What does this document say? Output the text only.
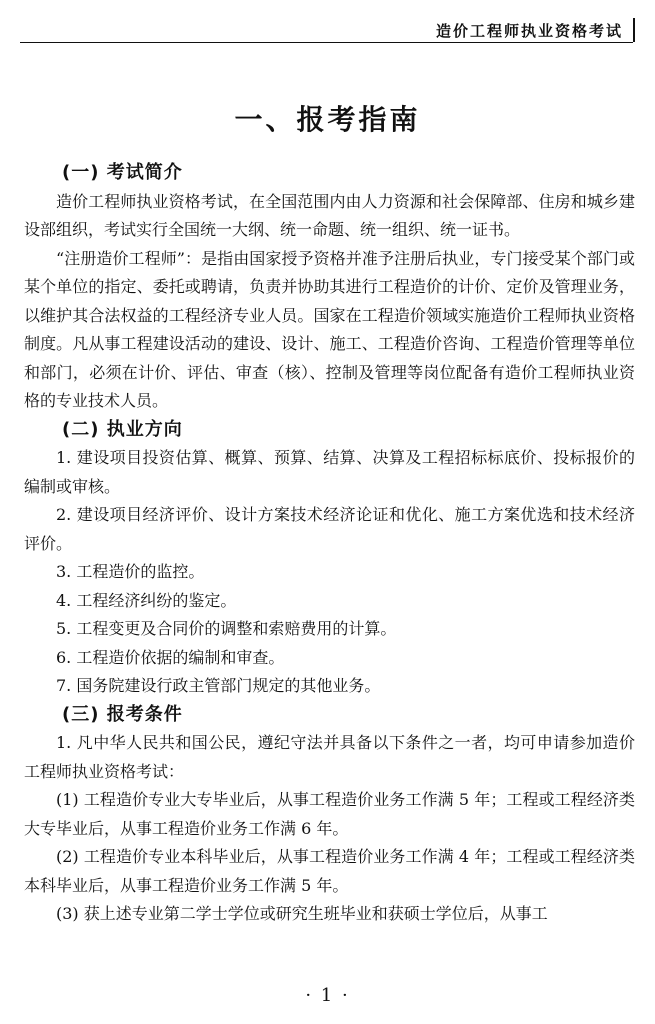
造价工程师执业资格考试
一、报考指南

(一) 考试简介

造价工程师执业资格考试，在全国范围内由人力资源和社会保障部、住房和城乡建设部组织，考试实行全国统一大纲、统一命题、统一组织、统一证书。

“注册造价工程师”：是指由国家授予资格并准予注册后执业，专门接受某个部门或某个单位的指定、委托或聘请，负责并协助其进行工程造价的计价、定价及管理业务，以维护其合法权益的工程经济专业人员。国家在工程造价领域实施造价工程师执业资格制度。凡从事工程建设活动的建设、设计、施工、工程造价咨询、工程造价管理等单位和部门，必须在计价、评估、审查（核）、控制及管理等岗位配备有造价工程师执业资格的专业技术人员。

(二) 执业方向

1. 建设项目投资估算、概算、预算、结算、决算及工程招标标底价、投标报价的编制或审核。

2. 建设项目经济评价、设计方案技术经济论证和优化、施工方案优选和技术经济评价。

3. 工程造价的监控。

4. 工程经济纠纷的鉴定。

5. 工程变更及合同价的调整和索赔费用的计算。

6. 工程造价依据的编制和审查。

7. 国务院建设行政主管部门规定的其他业务。

(三) 报考条件

1. 凡中华人民共和国公民，遵纪守法并具备以下条件之一者，均可申请参加造价工程师执业资格考试：

(1) 工程造价专业大专毕业后，从事工程造价业务工作满 5 年；工程或工程经济类大专毕业后，从事工程造价业务工作满 6 年。

(2) 工程造价专业本科毕业后，从事工程造价业务工作满 4 年；工程或工程经济类本科毕业后，从事工程造价业务工作满 5 年。

(3) 获上述专业第二学士学位或研究生班毕业和获硕士学位后，从事工

· 1 ·
